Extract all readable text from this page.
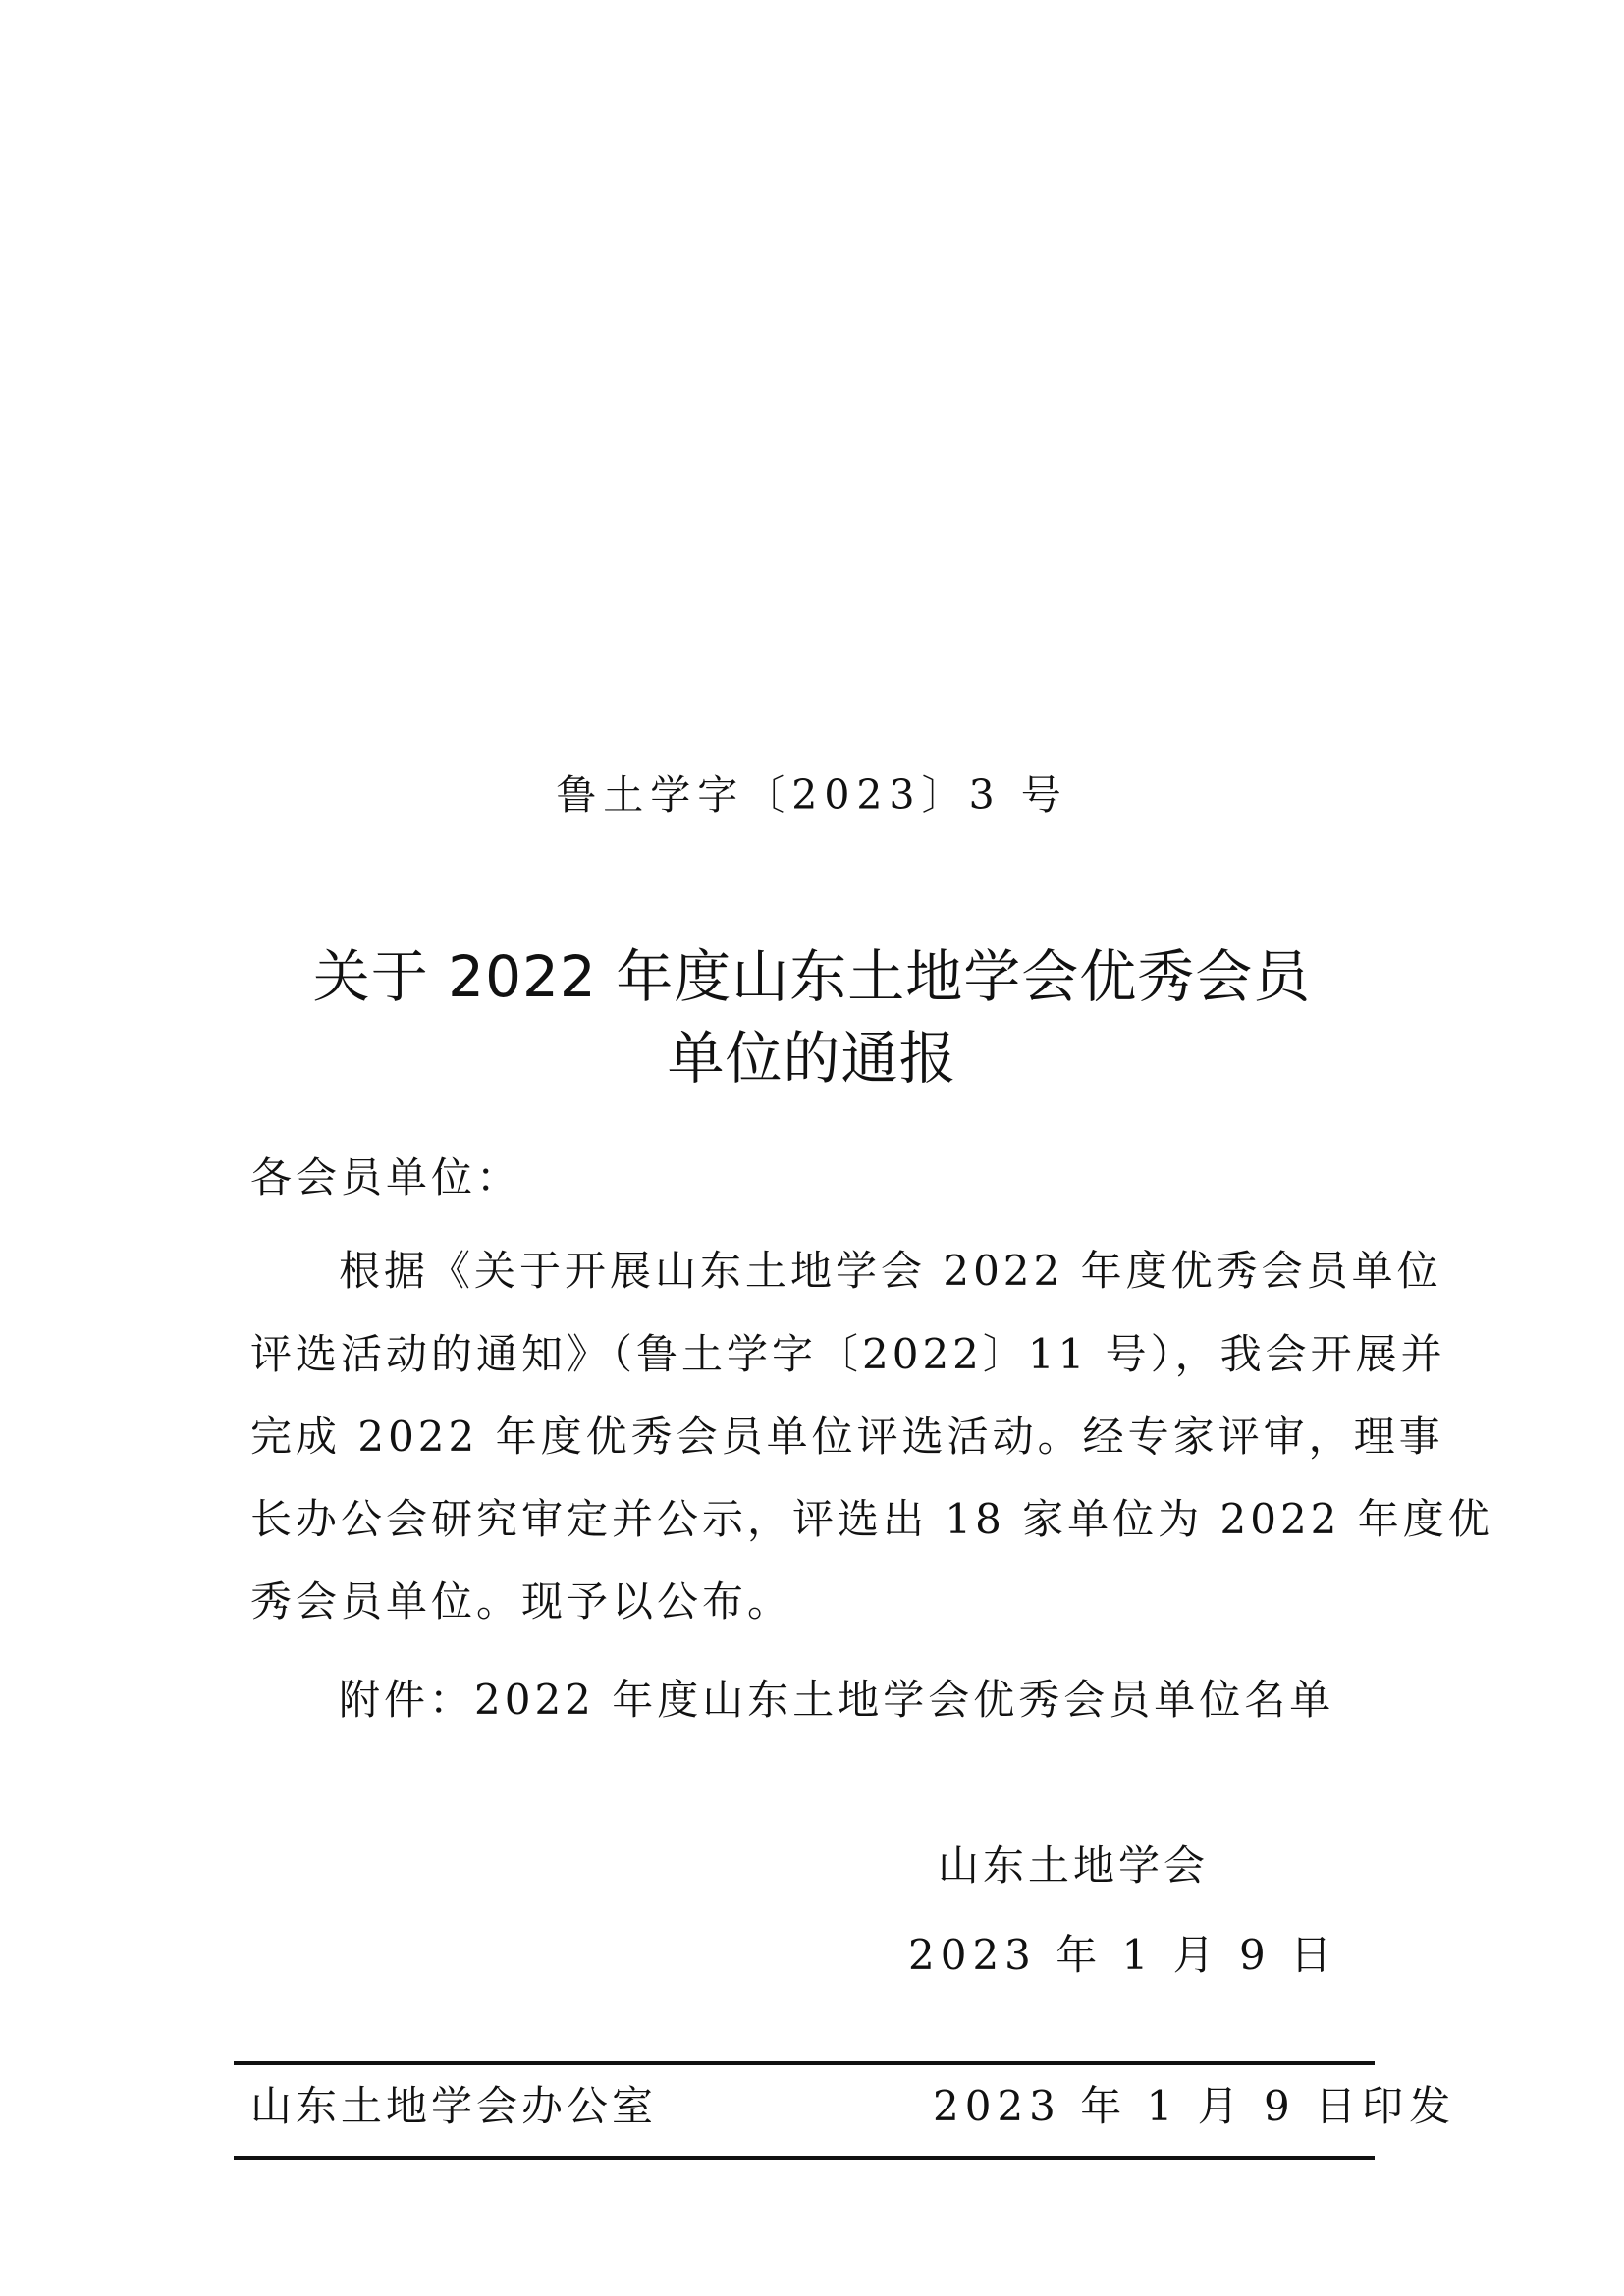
鲁土学字〔2023〕3 号
关于 2022 年度山东土地学会优秀会员
单位的通报
各会员单位：
根据《关于开展山东土地学会 2022 年度优秀会员单位
评选活动的通知》（鲁土学字〔2022〕11 号），我会开展并
完成 2022 年度优秀会员单位评选活动。经专家评审，理事
长办公会研究审定并公示，评选出 18 家单位为 2022 年度优
秀会员单位。现予以公布。
附件：2022 年度山东土地学会优秀会员单位名单
山东土地学会
2023 年 1 月 9 日
山东土地学会办公室	2023 年 1 月 9 日印发
